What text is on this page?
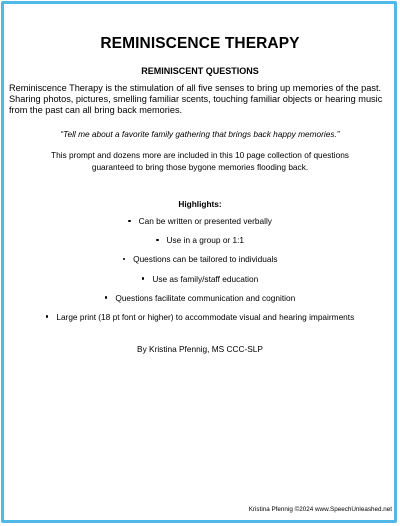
REMINISCENCE THERAPY
REMINISCENT QUESTIONS
Reminiscence Therapy is the stimulation of all five senses to bring up memories of the past. Sharing photos, pictures, smelling familiar scents, touching familiar objects or hearing music from the past can all bring back memories.
“Tell me about a favorite family gathering that brings back happy memories.”
This prompt and dozens more are included in this 10 page collection of questions
guaranteed to bring those bygone memories flooding back.
Highlights:
Can be written or presented verbally
Use in a group or 1:1
Questions can be tailored to individuals
Use as family/staff education
Questions facilitate communication and cognition
Large print (18 pt font or higher) to accommodate visual and hearing impairments
By Kristina Pfennig, MS CCC-SLP
Kristina Pfennig ©2024 www.SpeechUnleashed.net
